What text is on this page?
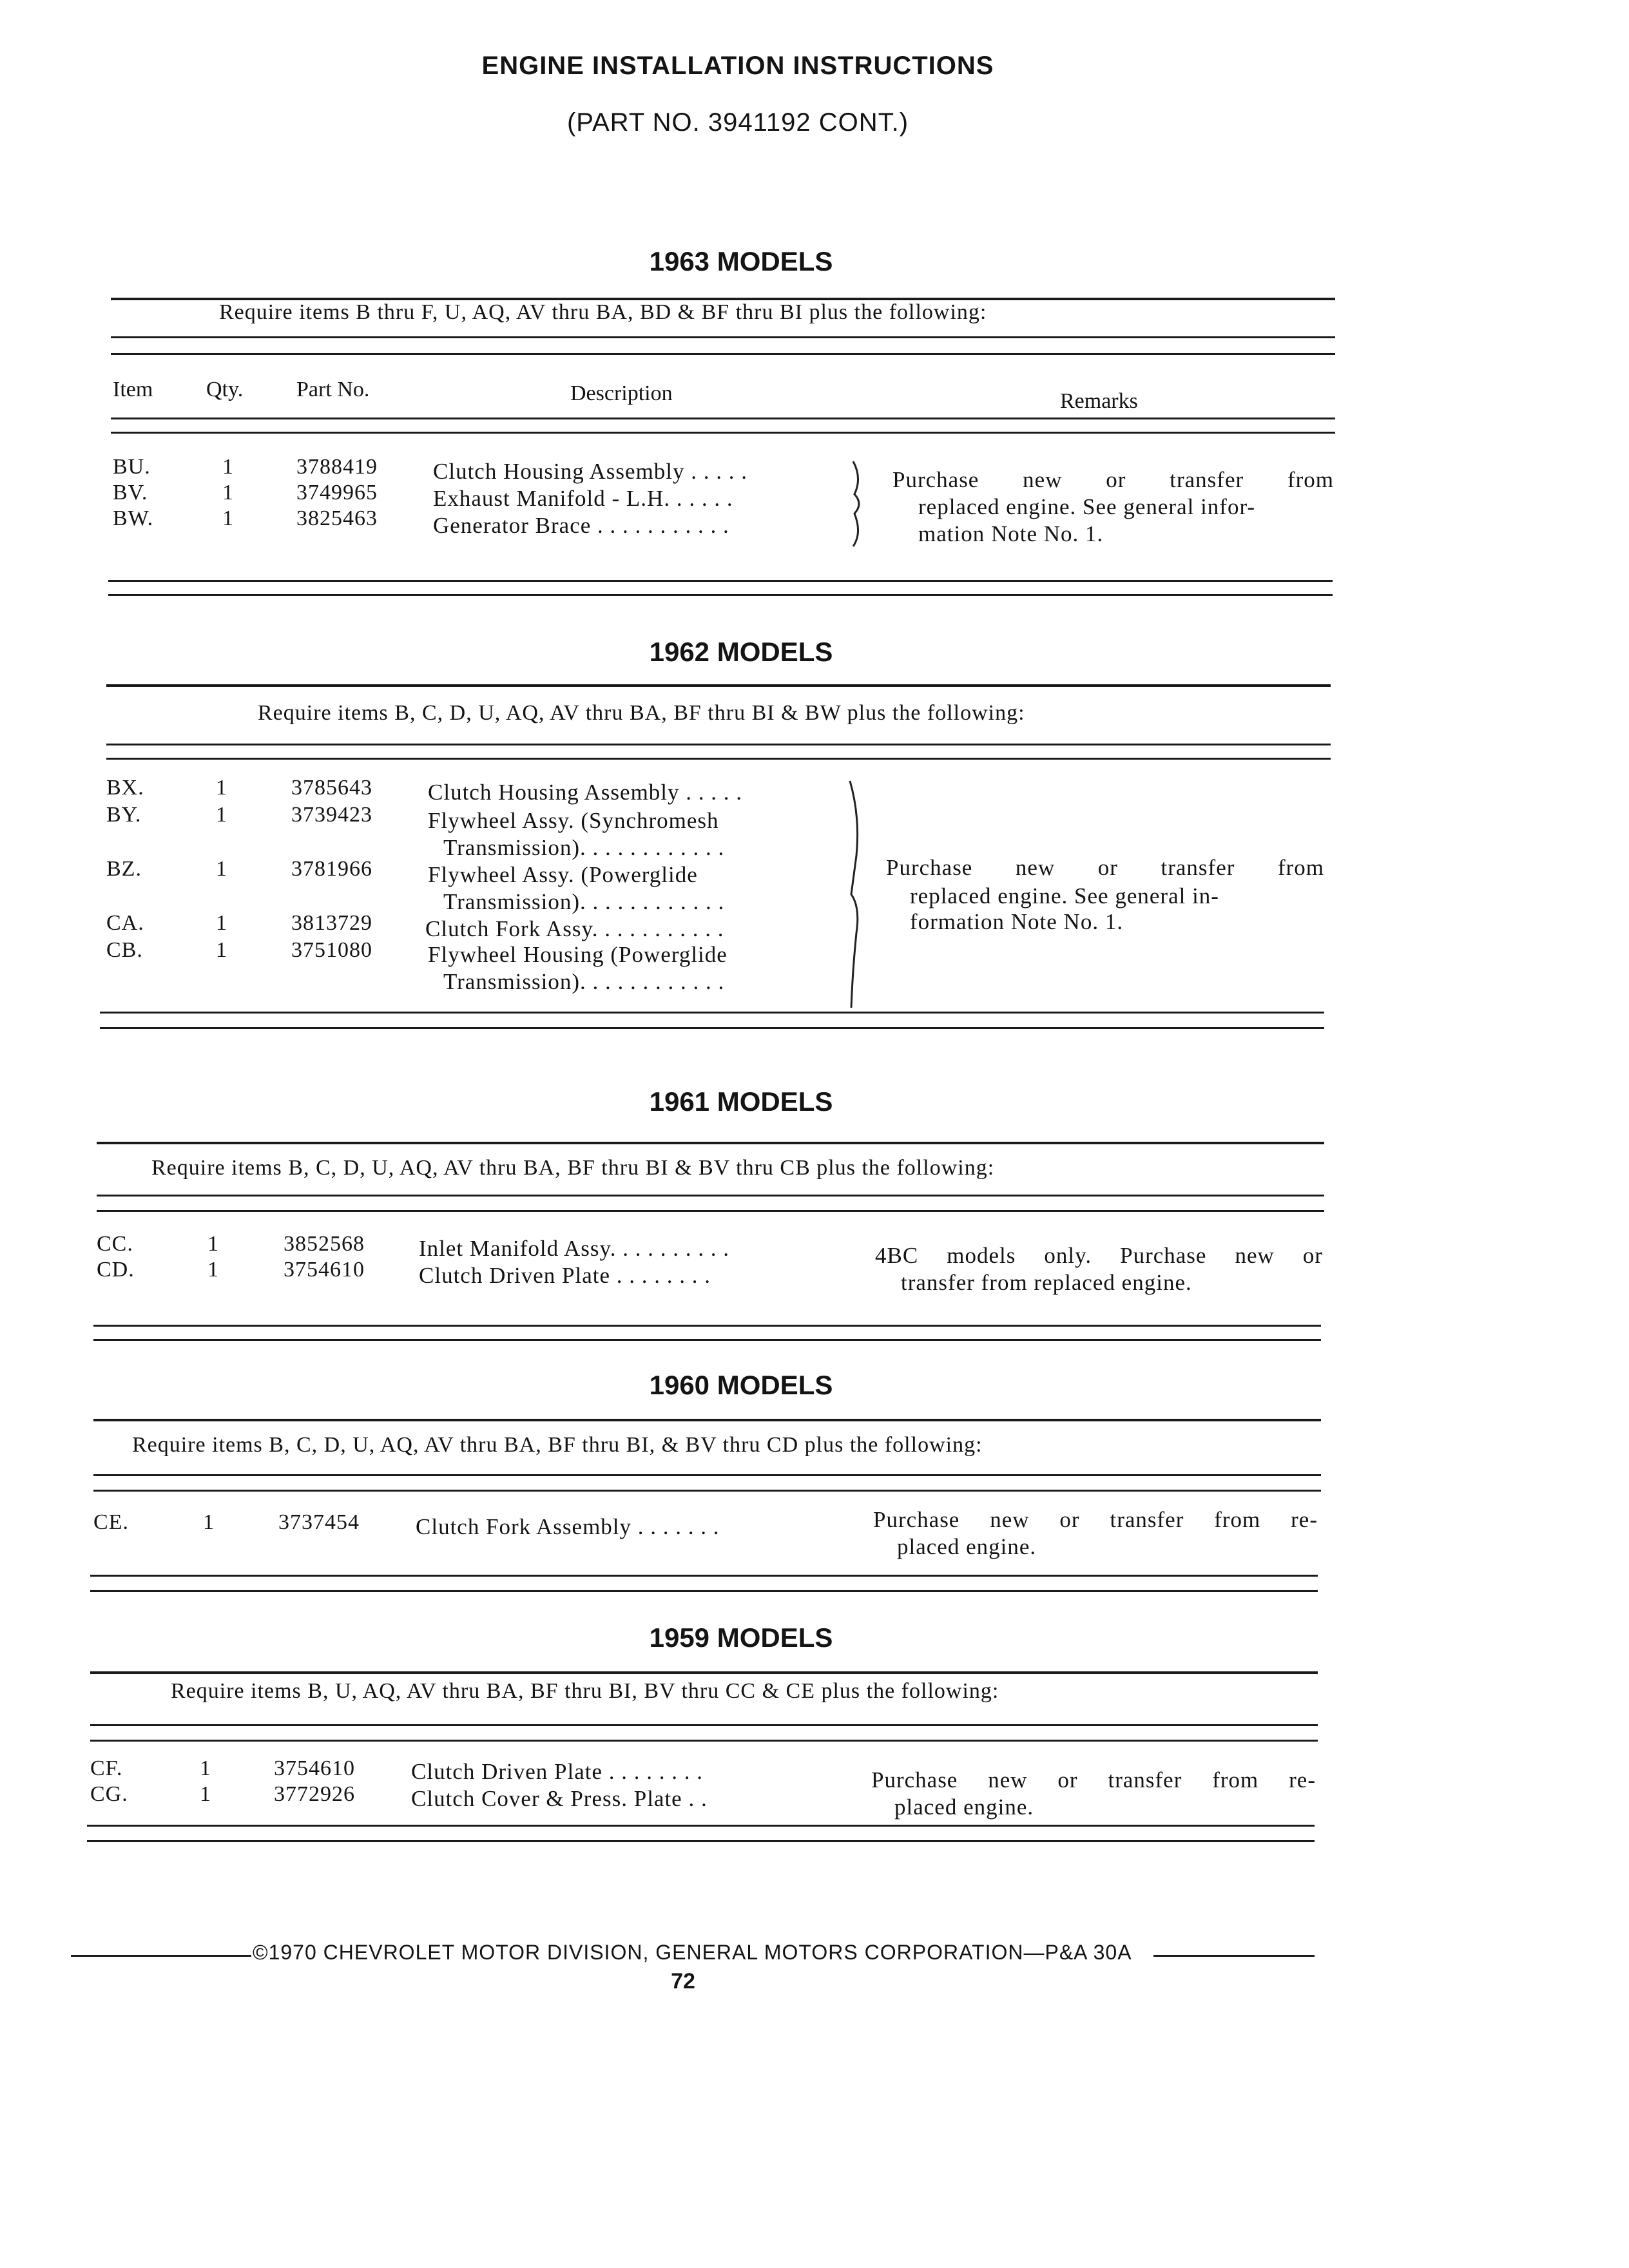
ENGINE INSTALLATION INSTRUCTIONS
(PART NO. 3941192 CONT.)
1963 MODELS
Require items B thru F, U, AQ, AV thru BA, BD & BF thru BI plus the following:
Item Qty. Part No.	Description	Remarks
BU.	1	3788419 Clutch Housing Assembly . . . . .
BV.	1	3749965 Exhaust Manifold - L.H. . . . . .
BW.	1	3825463 Generator Brace . . . . . . . . . . .
Purchase new or transfer from
replaced engine. See general infor-
mation Note No. 1.
1962 MODELS
Require items B, C, D, U, AQ, AV thru BA, BF thru BI & BW plus the following:
BX.	1	3785643 Clutch Housing Assembly . . . . .
BY.	1	3739423 Flywheel Assy. (Synchromesh
Transmission). . . . . . . . . . . .
BZ.	1	3781966 Flywheel Assy. (Powerglide
Transmission). . . . . . . . . . . .
CA.	1	3813729 Clutch Fork Assy. . . . . . . . . . .
CB.	1	3751080 Flywheel Housing (Powerglide
Transmission). . . . . . . . . . . .
Purchase new or transfer from
replaced engine. See general in-
formation Note No. 1.
1961 MODELS
Require items B, C, D, U, AQ, AV thru BA, BF thru BI & BV thru CB plus the following:
CC.	1	3852568 Inlet Manifold Assy. . . . . . . . . .
CD.	1	3754610 Clutch Driven Plate . . . . . . . .
4BC models only. Purchase new or
transfer from replaced engine.
1960 MODELS
Require items B, C, D, U, AQ, AV thru BA, BF thru BI, & BV thru CD plus the following:
CE.	1	3737454 Clutch Fork Assembly . . . . . . .	Purchase new or transfer from re-
placed engine.
1959 MODELS
Require items B, U, AQ, AV thru BA, BF thru BI, BV thru CC & CE plus the following:
CF.	1	3754610 Clutch Driven Plate . . . . . . . .
CG.	1	3772926 Clutch Cover & Press. Plate . .
Purchase new or transfer from re-
placed engine.
©1970 CHEVROLET MOTOR DIVISION, GENERAL MOTORS CORPORATION—P&A 30A
72
